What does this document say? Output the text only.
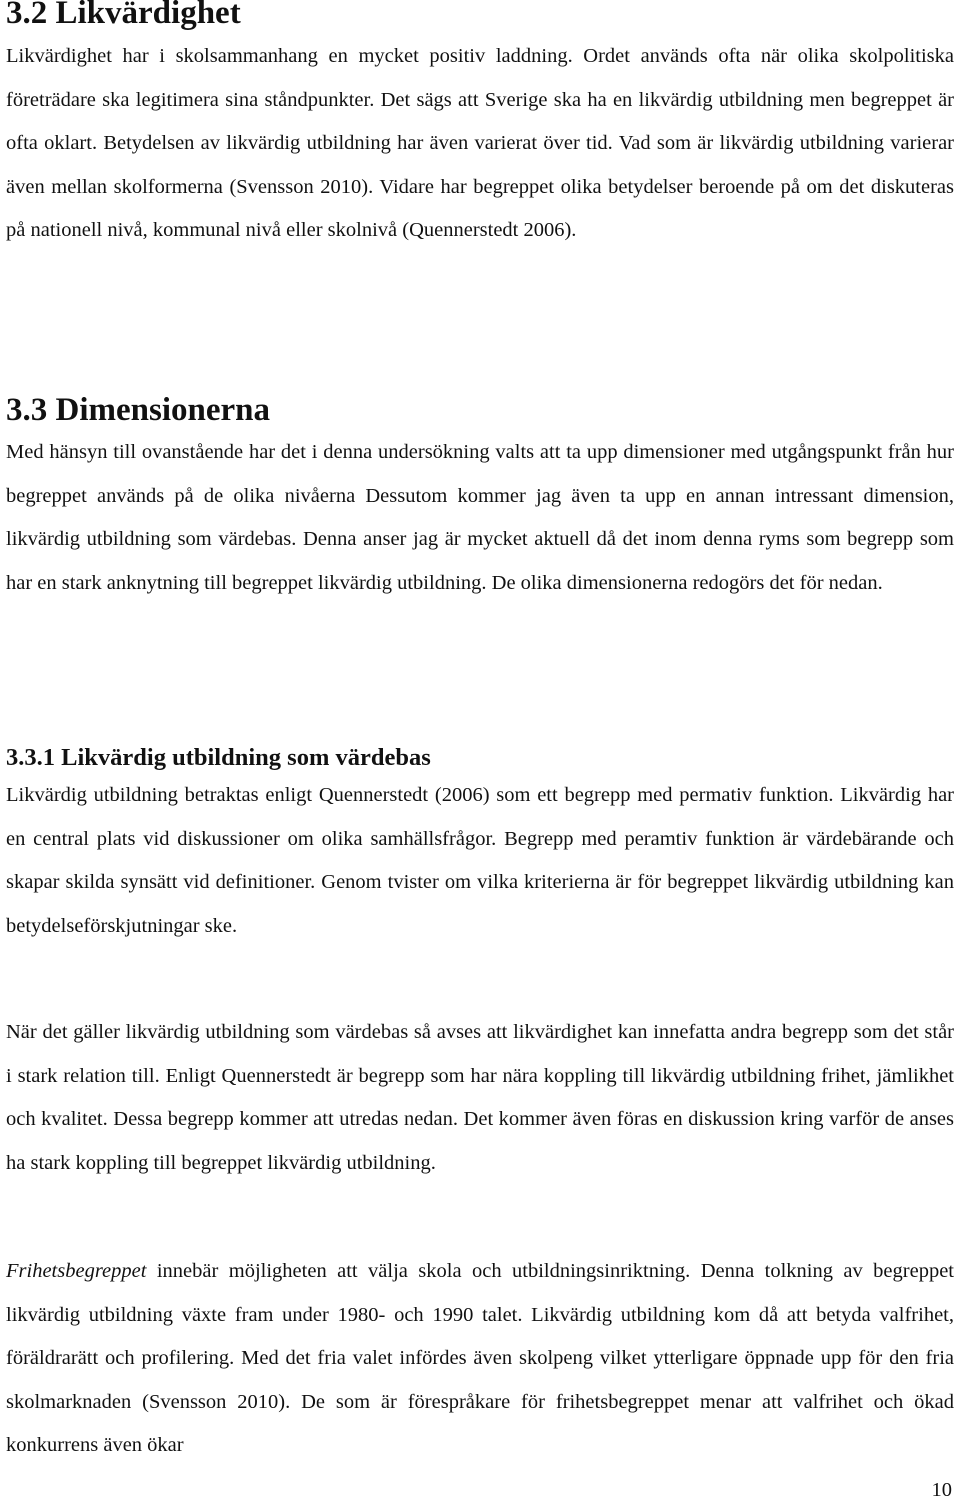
3.2 Likvärdighet

Likvärdighet har i skolsammanhang en mycket positiv laddning. Ordet används ofta när olika skolpolitiska företrädare ska legitimera sina ståndpunkter. Det sägs att Sverige ska ha en likvärdig utbildning men begreppet är ofta oklart. Betydelsen av likvärdig utbildning har även varierat över tid. Vad som är likvärdig utbildning varierar även mellan skolformerna (Svensson 2010). Vidare har begreppet olika betydelser beroende på om det diskuteras på nationell nivå, kommunal nivå eller skolnivå (Quennerstedt 2006).

3.3 Dimensionerna

Med hänsyn till ovanstående har det i denna undersökning valts att ta upp dimensioner med utgångspunkt från hur begreppet används på de olika nivåerna Dessutom kommer jag även ta upp en annan intressant dimension, likvärdig utbildning som värdebas. Denna anser jag är mycket aktuell då det inom denna ryms som begrepp som har en stark anknytning till begreppet likvärdig utbildning. De olika dimensionerna redogörs det för nedan.

3.3.1 Likvärdig utbildning som värdebas

Likvärdig utbildning betraktas enligt Quennerstedt (2006) som ett begrepp med permativ funktion. Likvärdig har en central plats vid diskussioner om olika samhällsfrågor. Begrepp med peramtiv funktion är värdebärande och skapar skilda synsätt vid definitioner. Genom tvister om vilka kriterierna är för begreppet likvärdig utbildning kan betydelseförskjutningar ske.

När det gäller likvärdig utbildning som värdebas så avses att likvärdighet kan innefatta andra begrepp som det står i stark relation till. Enligt Quennerstedt är begrepp som har nära koppling till likvärdig utbildning frihet, jämlikhet och kvalitet. Dessa begrepp kommer att utredas nedan. Det kommer även föras en diskussion kring varför de anses ha stark koppling till begreppet likvärdig utbildning.

Frihetsbegreppet innebär möjligheten att välja skola och utbildningsinriktning. Denna tolkning av begreppet likvärdig utbildning växte fram under 1980- och 1990 talet. Likvärdig utbildning kom då att betyda valfrihet, föräldrarätt och profilering. Med det fria valet infördes även skolpeng vilket ytterligare öppnade upp för den fria skolmarknaden (Svensson 2010). De som är förespråkare för frihetsbegreppet menar att valfrihet och ökad konkurrens även ökar

10
